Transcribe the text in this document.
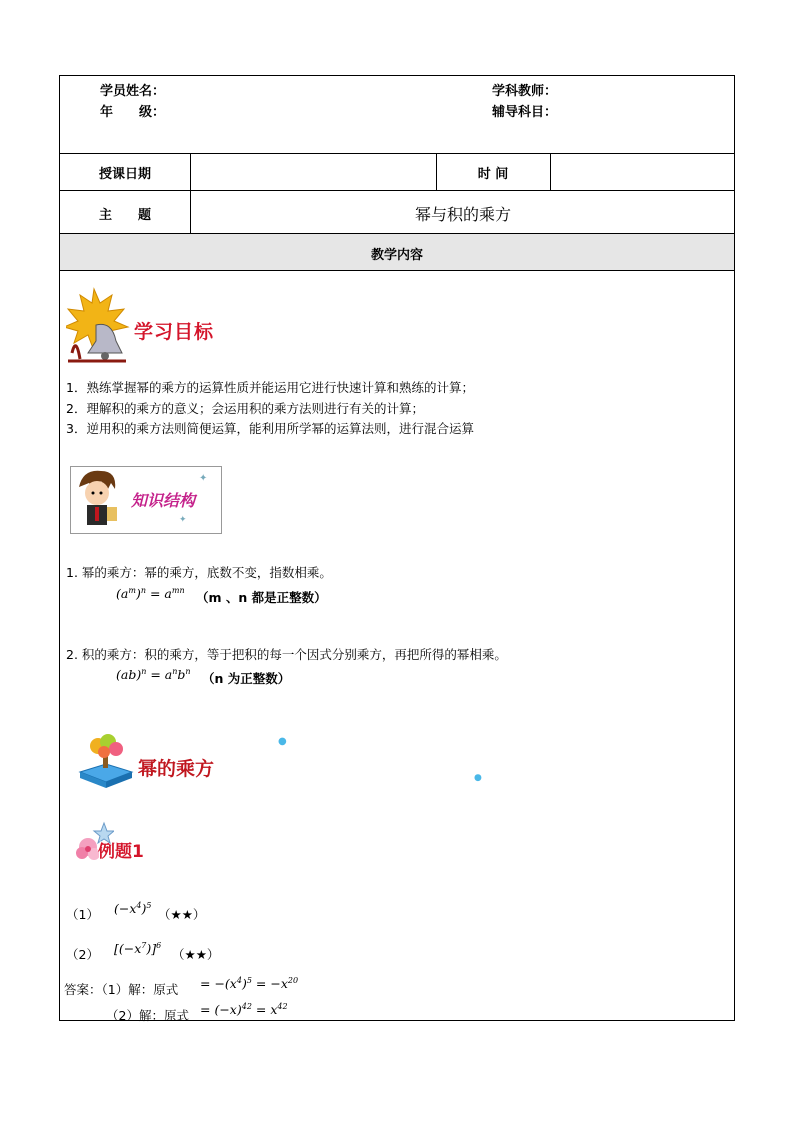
学员姓名：
年　　级：
学科教师：
辅导科目：
授课日期	时 间
主　　题	幂与积的乘方
教学内容
学习目标
1．熟练掌握幂的乘方的运算性质并能运用它进行快速计算和熟练的计算；
2．理解积的乘方的意义；会运用积的乘方法则进行有关的计算；
3．逆用积的乘方法则简便运算，能利用所学幂的运算法则，进行混合运算
知识结构
✦
✦
1. 幂的乘方：幂的乘方，底数不变，指数相乘。
$(a^m)^n = a^{mn}$ （m 、n 都是正整数）
2. 积的乘方：积的乘方，等于把积的每一个因式分别乘方，再把所得的幂相乘。
$(ab)^n = a^nb^n$ （n 为正整数）
幂的乘方
●
●
例题1
（1） $(-x^4)^5$
（★★）
（2） $[(-x^7)]^6$
（★★）
答案：（1）解：原式 = $-(x^4)^5 = -x^{20}$
（2）解：原式 = $(-x)^{42} = x^{42}$
